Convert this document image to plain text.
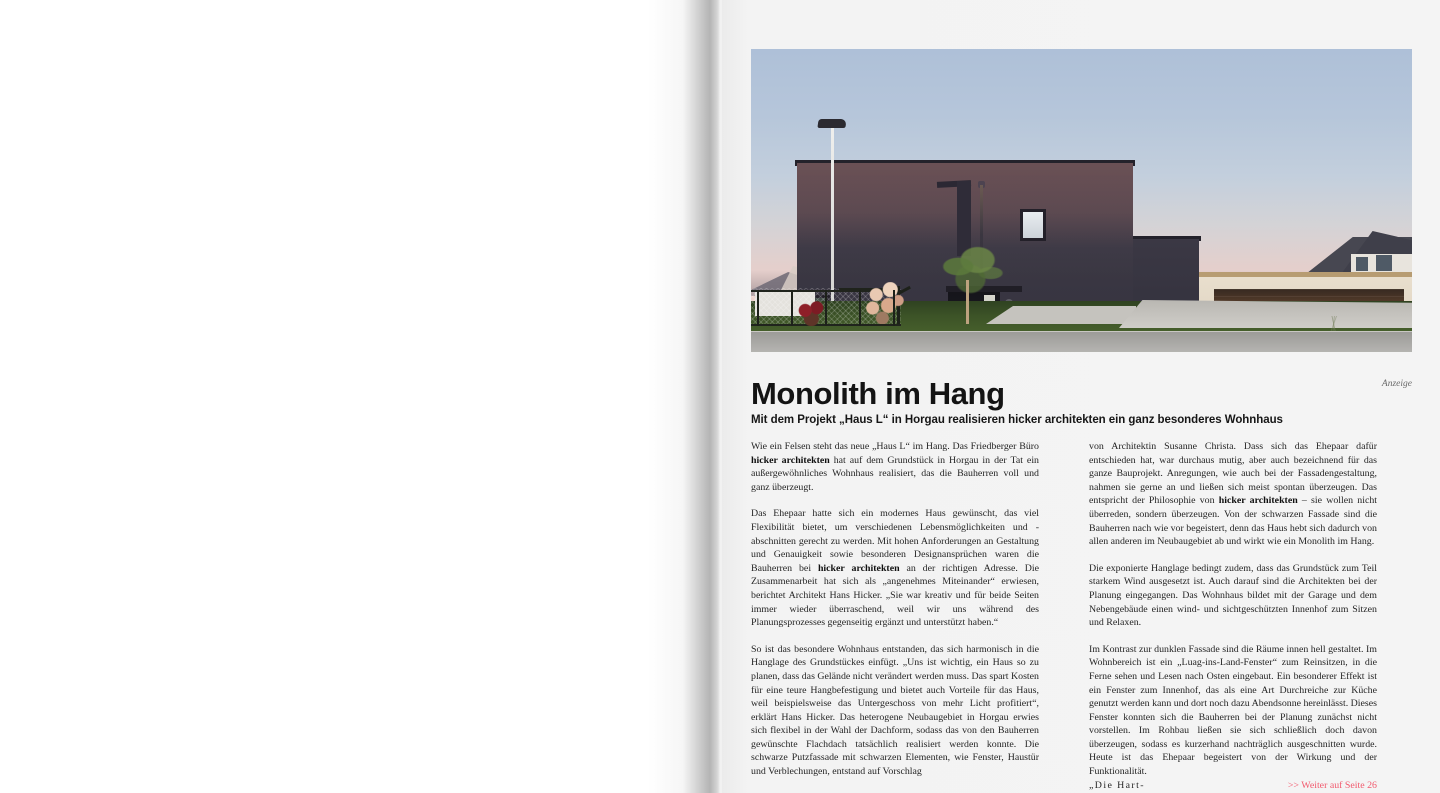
Monolith im Hang
Mit dem Projekt „Haus L“ in Horgau realisieren hicker architekten ein ganz besonderes Wohnhaus
Anzeige

Wie ein Felsen steht das neue „Haus L“ im Hang. Das Friedberger Büro hicker architekten hat auf dem Grundstück in Horgau in der Tat ein außergewöhnliches Wohnhaus realisiert, das die Bauherren voll und ganz überzeugt.

Das Ehepaar hatte sich ein modernes Haus gewünscht, das viel Flexibilität bietet, um verschiedenen Lebensmöglichkeiten und -abschnitten gerecht zu werden. Mit hohen Anforderungen an Gestaltung und Genauigkeit sowie besonderen Designansprüchen waren die Bauherren bei hicker architekten an der richtigen Adresse. Die Zusammenarbeit hat sich als „angenehmes Miteinander“ erwiesen, berichtet Architekt Hans Hicker. „Sie war kreativ und für beide Seiten immer wieder überraschend, weil wir uns während des Planungsprozesses gegenseitig ergänzt und unterstützt haben.“

So ist das besondere Wohnhaus entstanden, das sich harmonisch in die Hanglage des Grundstückes einfügt. „Uns ist wichtig, ein Haus so zu planen, dass das Gelände nicht verändert werden muss. Das spart Kosten für eine teure Hangbefestigung und bietet auch Vorteile für das Haus, weil beispielsweise das Untergeschoss von mehr Licht profitiert“, erklärt Hans Hicker. Das heterogene Neubaugebiet in Horgau erwies sich flexibel in der Wahl der Dachform, sodass das von den Bauherren gewünschte Flachdach tatsächlich realisiert werden konnte. Die schwarze Putzfassade mit schwarzen Elementen, wie Fenster, Haustür und Verblechungen, entstand auf Vorschlag

von Architektin Susanne Christa. Dass sich das Ehepaar dafür entschieden hat, war durchaus mutig, aber auch bezeichnend für das ganze Bauprojekt. Anregungen, wie auch bei der Fassadengestaltung, nahmen sie gerne an und ließen sich meist spontan überzeugen. Das entspricht der Philosophie von hicker architekten – sie wollen nicht überreden, sondern überzeugen. Von der schwarzen Fassade sind die Bauherren nach wie vor begeistert, denn das Haus hebt sich dadurch von allen anderen im Neubaugebiet ab und wirkt wie ein Monolith im Hang.

Die exponierte Hanglage bedingt zudem, dass das Grundstück zum Teil starkem Wind ausgesetzt ist. Auch darauf sind die Architekten bei der Planung eingegangen. Das Wohnhaus bildet mit der Garage und dem Nebengebäude einen wind- und sichtgeschützten Innenhof zum Sitzen und Relaxen.

Im Kontrast zur dunklen Fassade sind die Räume innen hell gestaltet. Im Wohnbereich ist ein „Luag-ins-Land-Fenster“ zum Reinsitzen, in die Ferne sehen und Lesen nach Osten eingebaut. Ein besonderer Effekt ist ein Fenster zum Innenhof, das als eine Art Durchreiche zur Küche genutzt werden kann und dort noch dazu Abendsonne hereinlässt. Dieses Fenster konnten sich die Bauherren bei der Planung zunächst nicht vorstellen. Im Rohbau ließen sie sich schließlich doch davon überzeugen, sodass es kurzerhand nachträglich ausgeschnitten wurde. Heute ist das Ehepaar begeistert von der Wirkung und der Funktionalität.

„Die Hart-	>> Weiter auf Seite 26
